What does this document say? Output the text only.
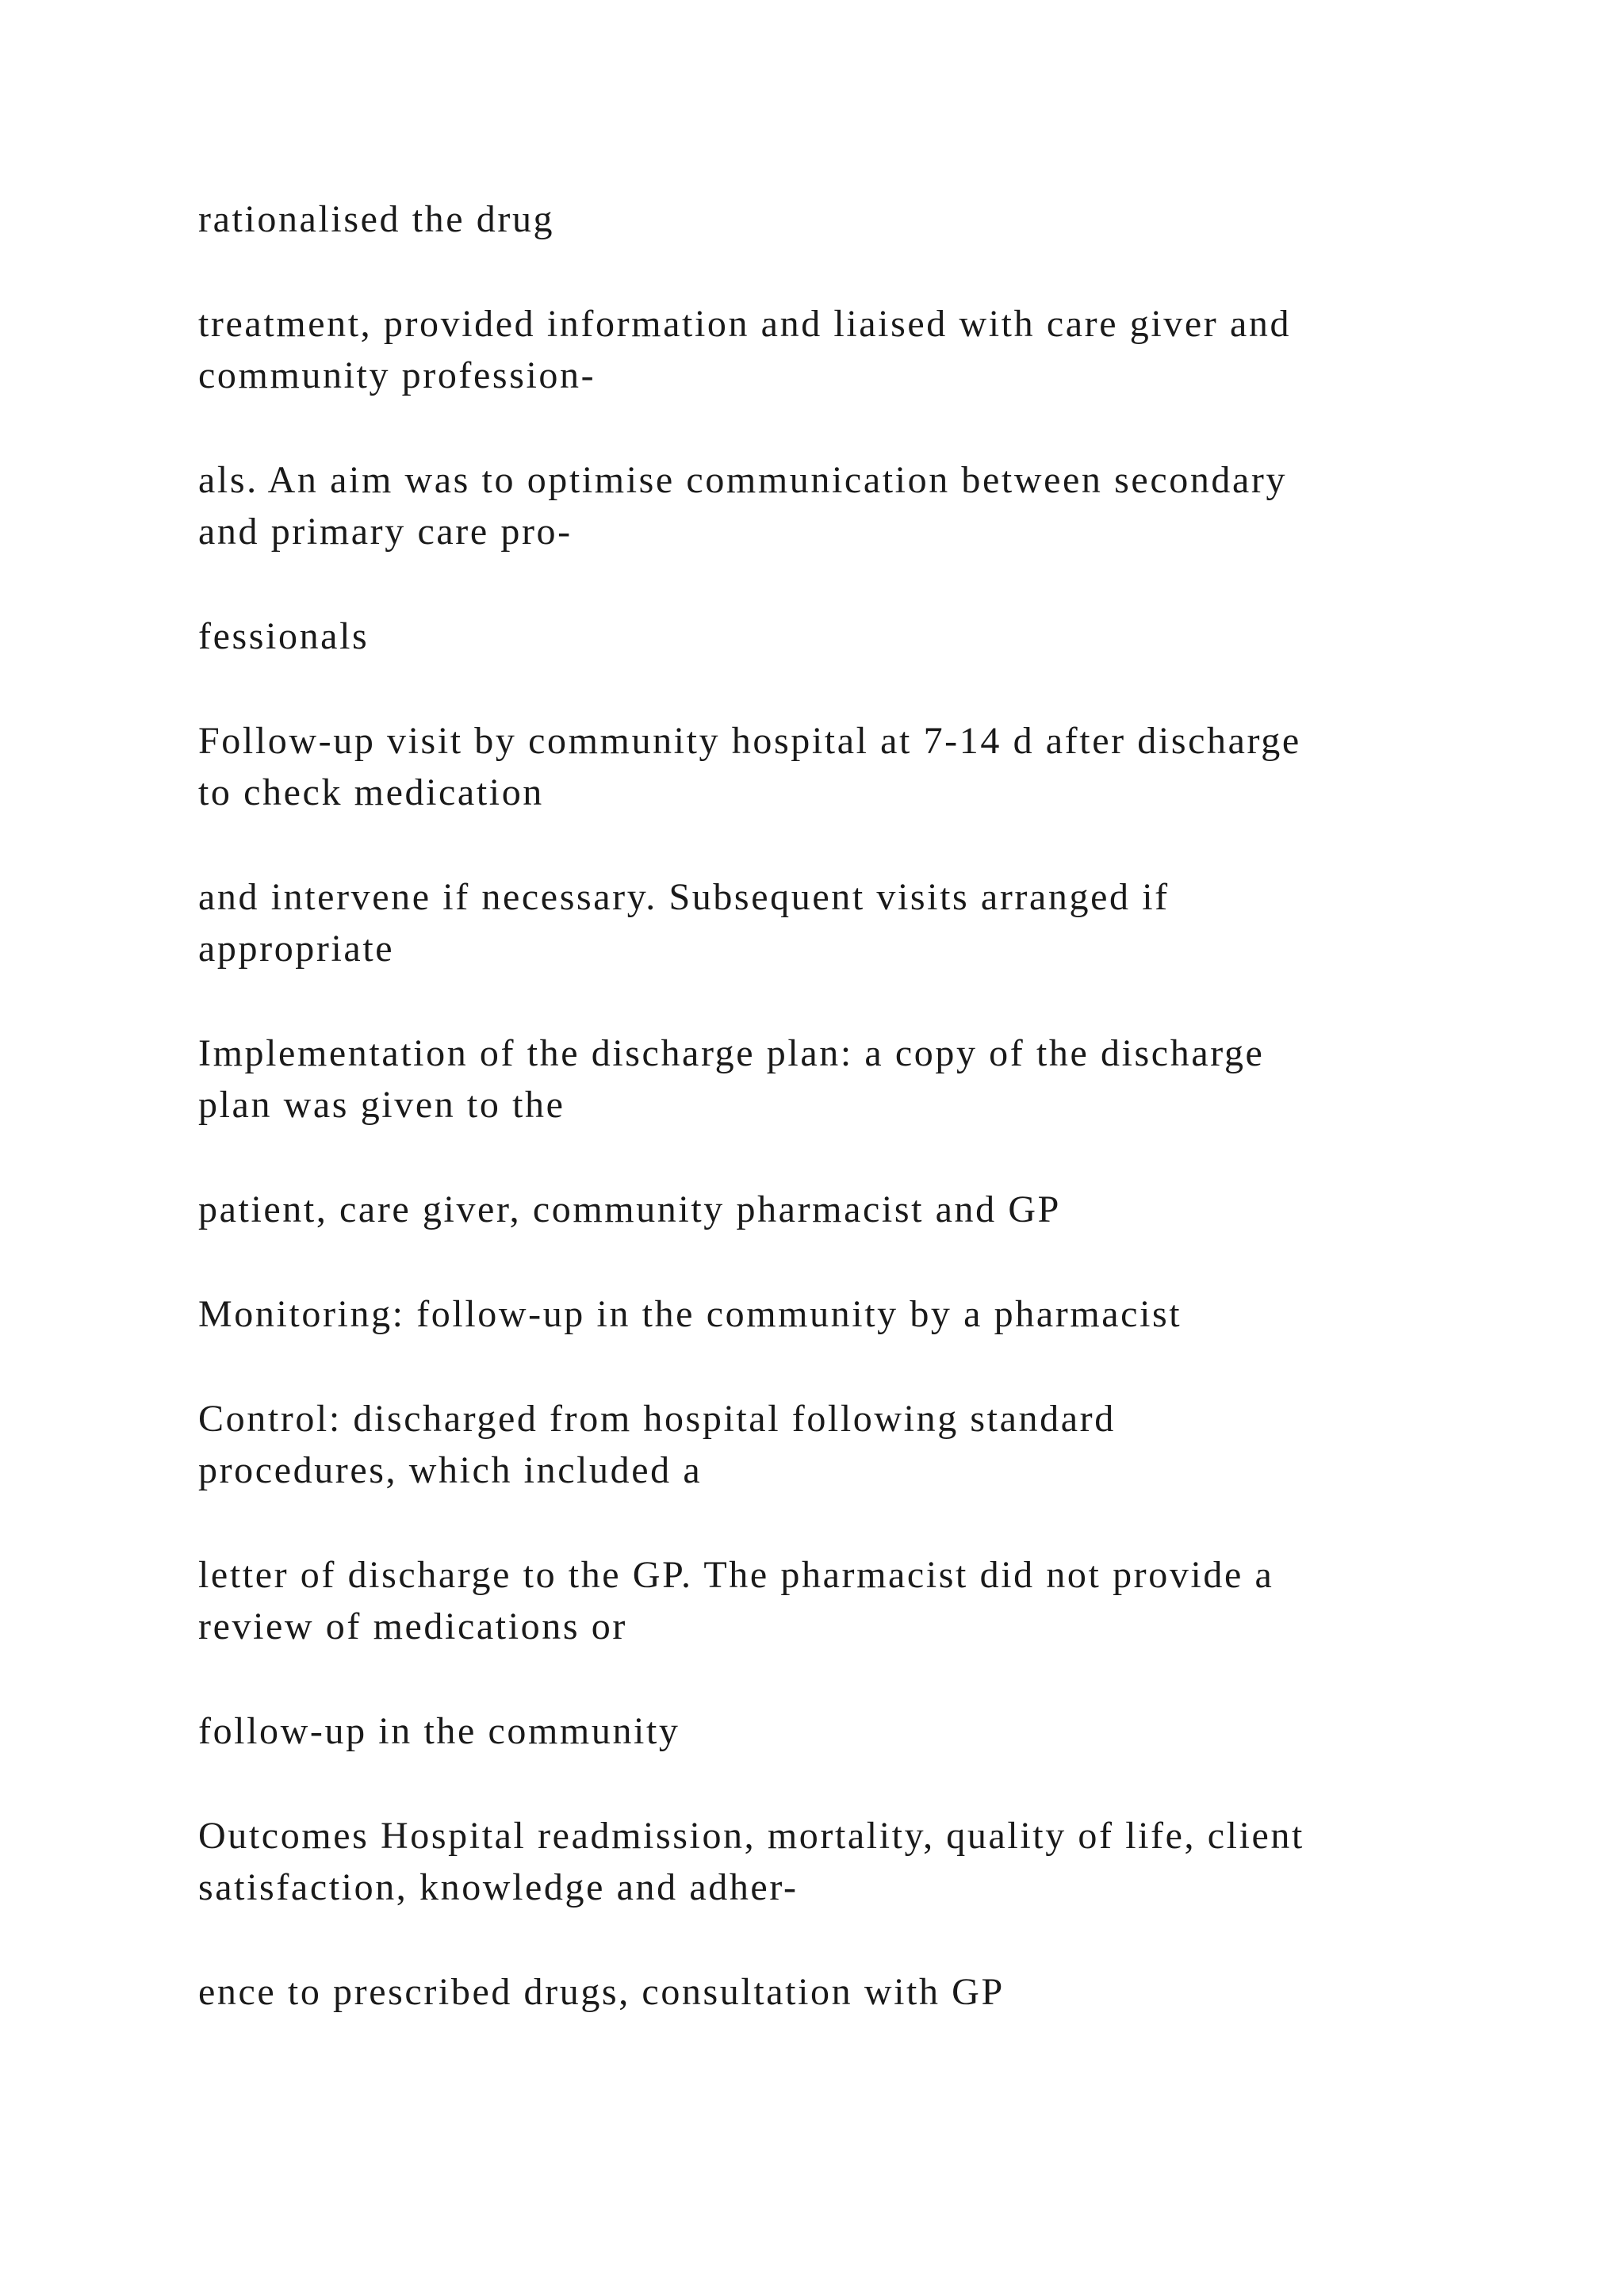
rationalised the drug

treatment, provided information and liaised with care giver and
community profession-

als. An aim was to optimise communication between secondary
and primary care pro-

fessionals

Follow-up visit by community hospital at 7-14 d after discharge
to check medication

and intervene if necessary. Subsequent visits arranged if
appropriate

Implementation of the discharge plan: a copy of the discharge
plan was given to the

patient, care giver, community pharmacist and GP

Monitoring: follow-up in the community by a pharmacist

Control: discharged from hospital following standard
procedures, which included a

letter of discharge to the GP. The pharmacist did not provide a
review of medications or

follow-up in the community

Outcomes Hospital readmission, mortality, quality of life, client
satisfaction, knowledge and adher-

ence to prescribed drugs, consultation with GP
